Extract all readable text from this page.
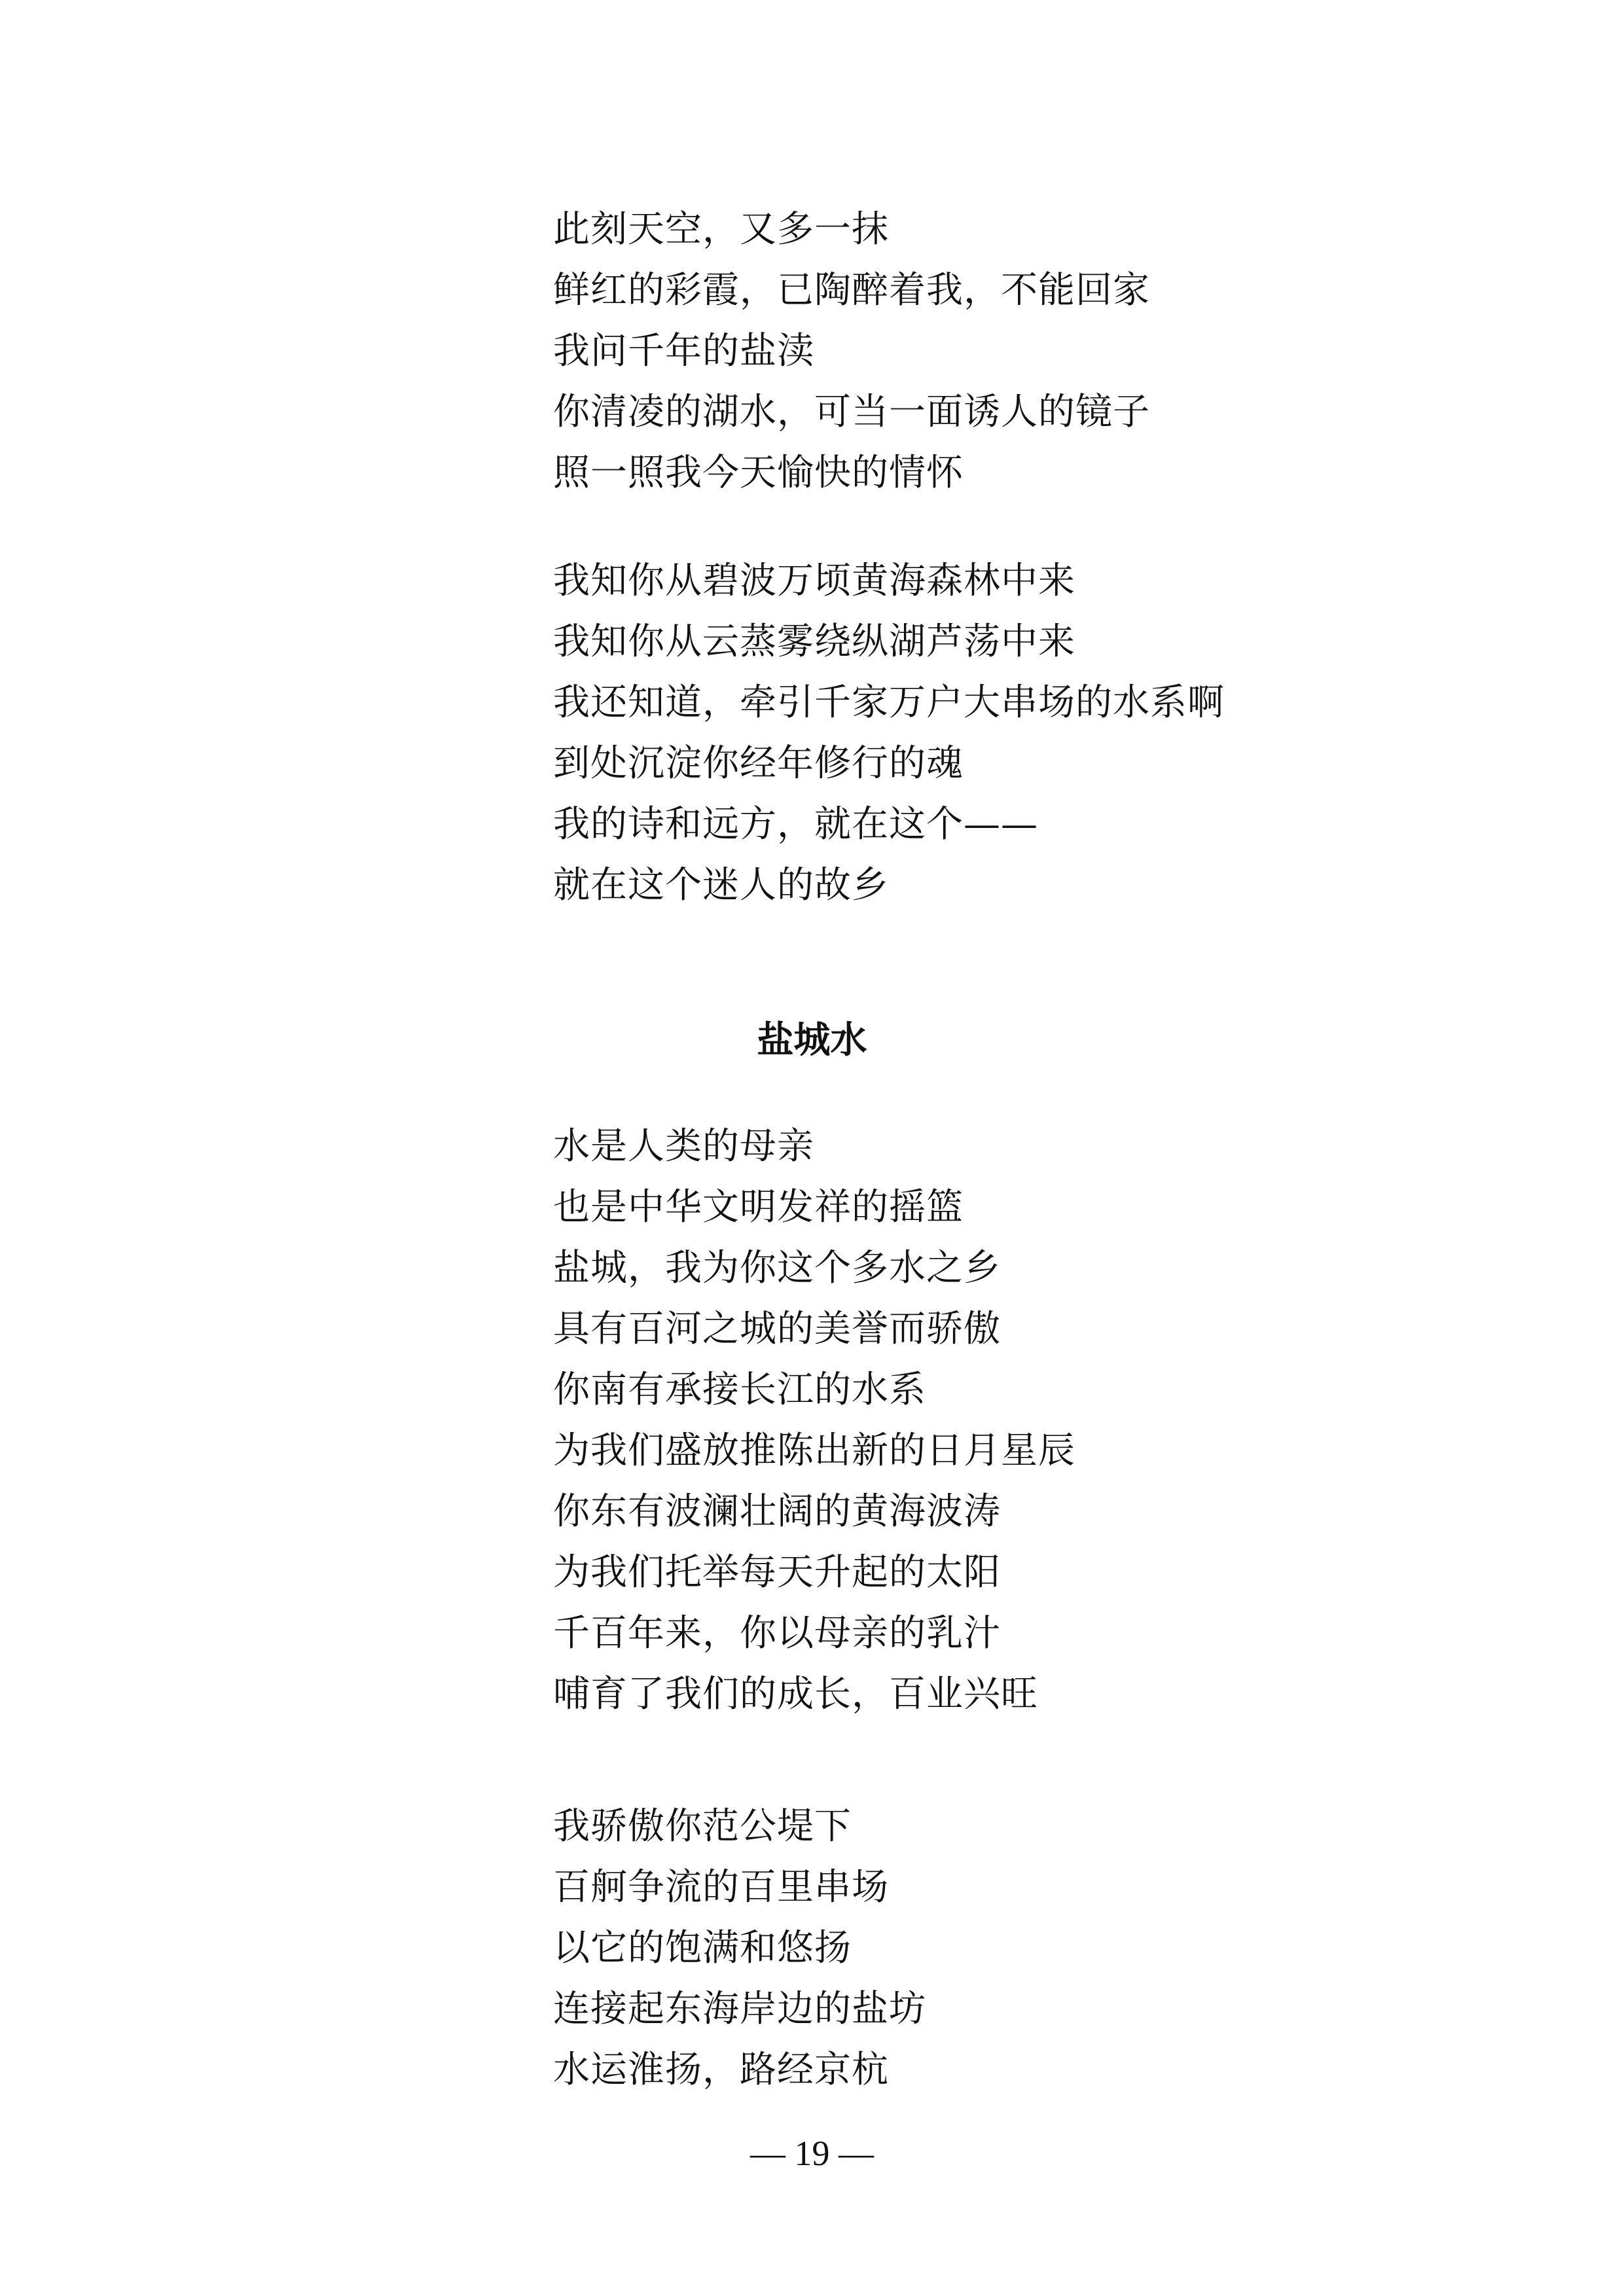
此刻天空，又多一抹
鲜红的彩霞，已陶醉着我，不能回家
我问千年的盐渎
你清凌的湖水，可当一面诱人的镜子
照一照我今天愉快的情怀
我知你从碧波万顷黄海森林中来
我知你从云蒸雾绕纵湖芦荡中来
我还知道，牵引千家万户大串场的水系啊
到处沉淀你经年修行的魂
我的诗和远方，就在这个——
就在这个迷人的故乡
盐城水
水是人类的母亲
也是中华文明发祥的摇篮
盐城，我为你这个多水之乡
具有百河之城的美誉而骄傲
你南有承接长江的水系
为我们盛放推陈出新的日月星辰
你东有波澜壮阔的黄海波涛
为我们托举每天升起的太阳
千百年来，你以母亲的乳汁
哺育了我们的成长，百业兴旺
我骄傲你范公堤下
百舸争流的百里串场
以它的饱满和悠扬
连接起东海岸边的盐坊
水运淮扬，路经京杭
— 19 —
